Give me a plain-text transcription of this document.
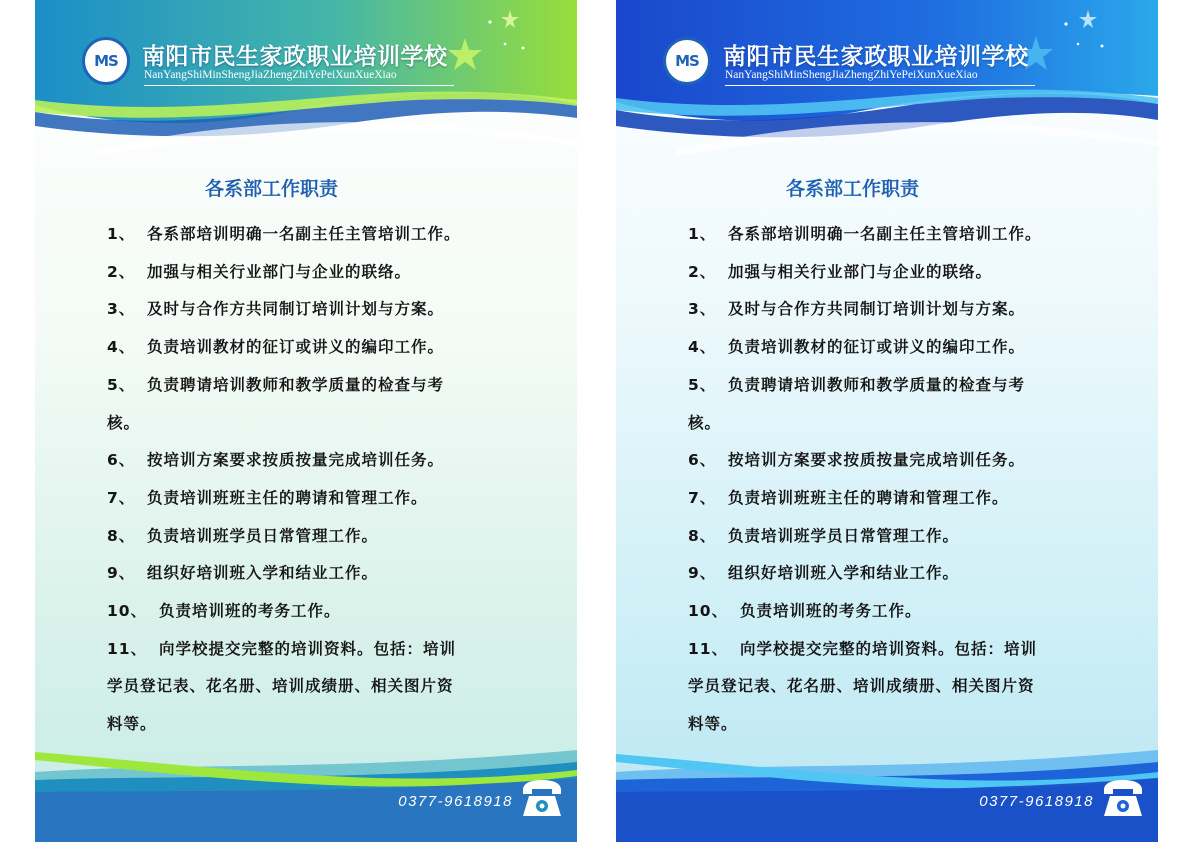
MS 南阳市民生家政职业培训学校
NanYangShiMinShengJiaZhengZhiYePeiXunXueXiao
各系部工作职责
1、 各系部培训明确一名副主任主管培训工作。
2、 加强与相关行业部门与企业的联络。
3、 及时与合作方共同制订培训计划与方案。
4、 负责培训教材的征订或讲义的编印工作。
5、 负责聘请培训教师和教学质量的检查与考
核。
6、 按培训方案要求按质按量完成培训任务。
7、 负责培训班班主任的聘请和管理工作。
8、 负责培训班学员日常管理工作。
9、 组织好培训班入学和结业工作。
10、 负责培训班的考务工作。
11、 向学校提交完整的培训资料。包括：培训
学员登记表、花名册、培训成绩册、相关图片资
料等。
0377-9618918
MS 南阳市民生家政职业培训学校
NanYangShiMinShengJiaZhengZhiYePeiXunXueXiao
各系部工作职责
1、 各系部培训明确一名副主任主管培训工作。
2、 加强与相关行业部门与企业的联络。
3、 及时与合作方共同制订培训计划与方案。
4、 负责培训教材的征订或讲义的编印工作。
5、 负责聘请培训教师和教学质量的检查与考
核。
6、 按培训方案要求按质按量完成培训任务。
7、 负责培训班班主任的聘请和管理工作。
8、 负责培训班学员日常管理工作。
9、 组织好培训班入学和结业工作。
10、 负责培训班的考务工作。
11、 向学校提交完整的培训资料。包括：培训
学员登记表、花名册、培训成绩册、相关图片资
料等。
0377-9618918
